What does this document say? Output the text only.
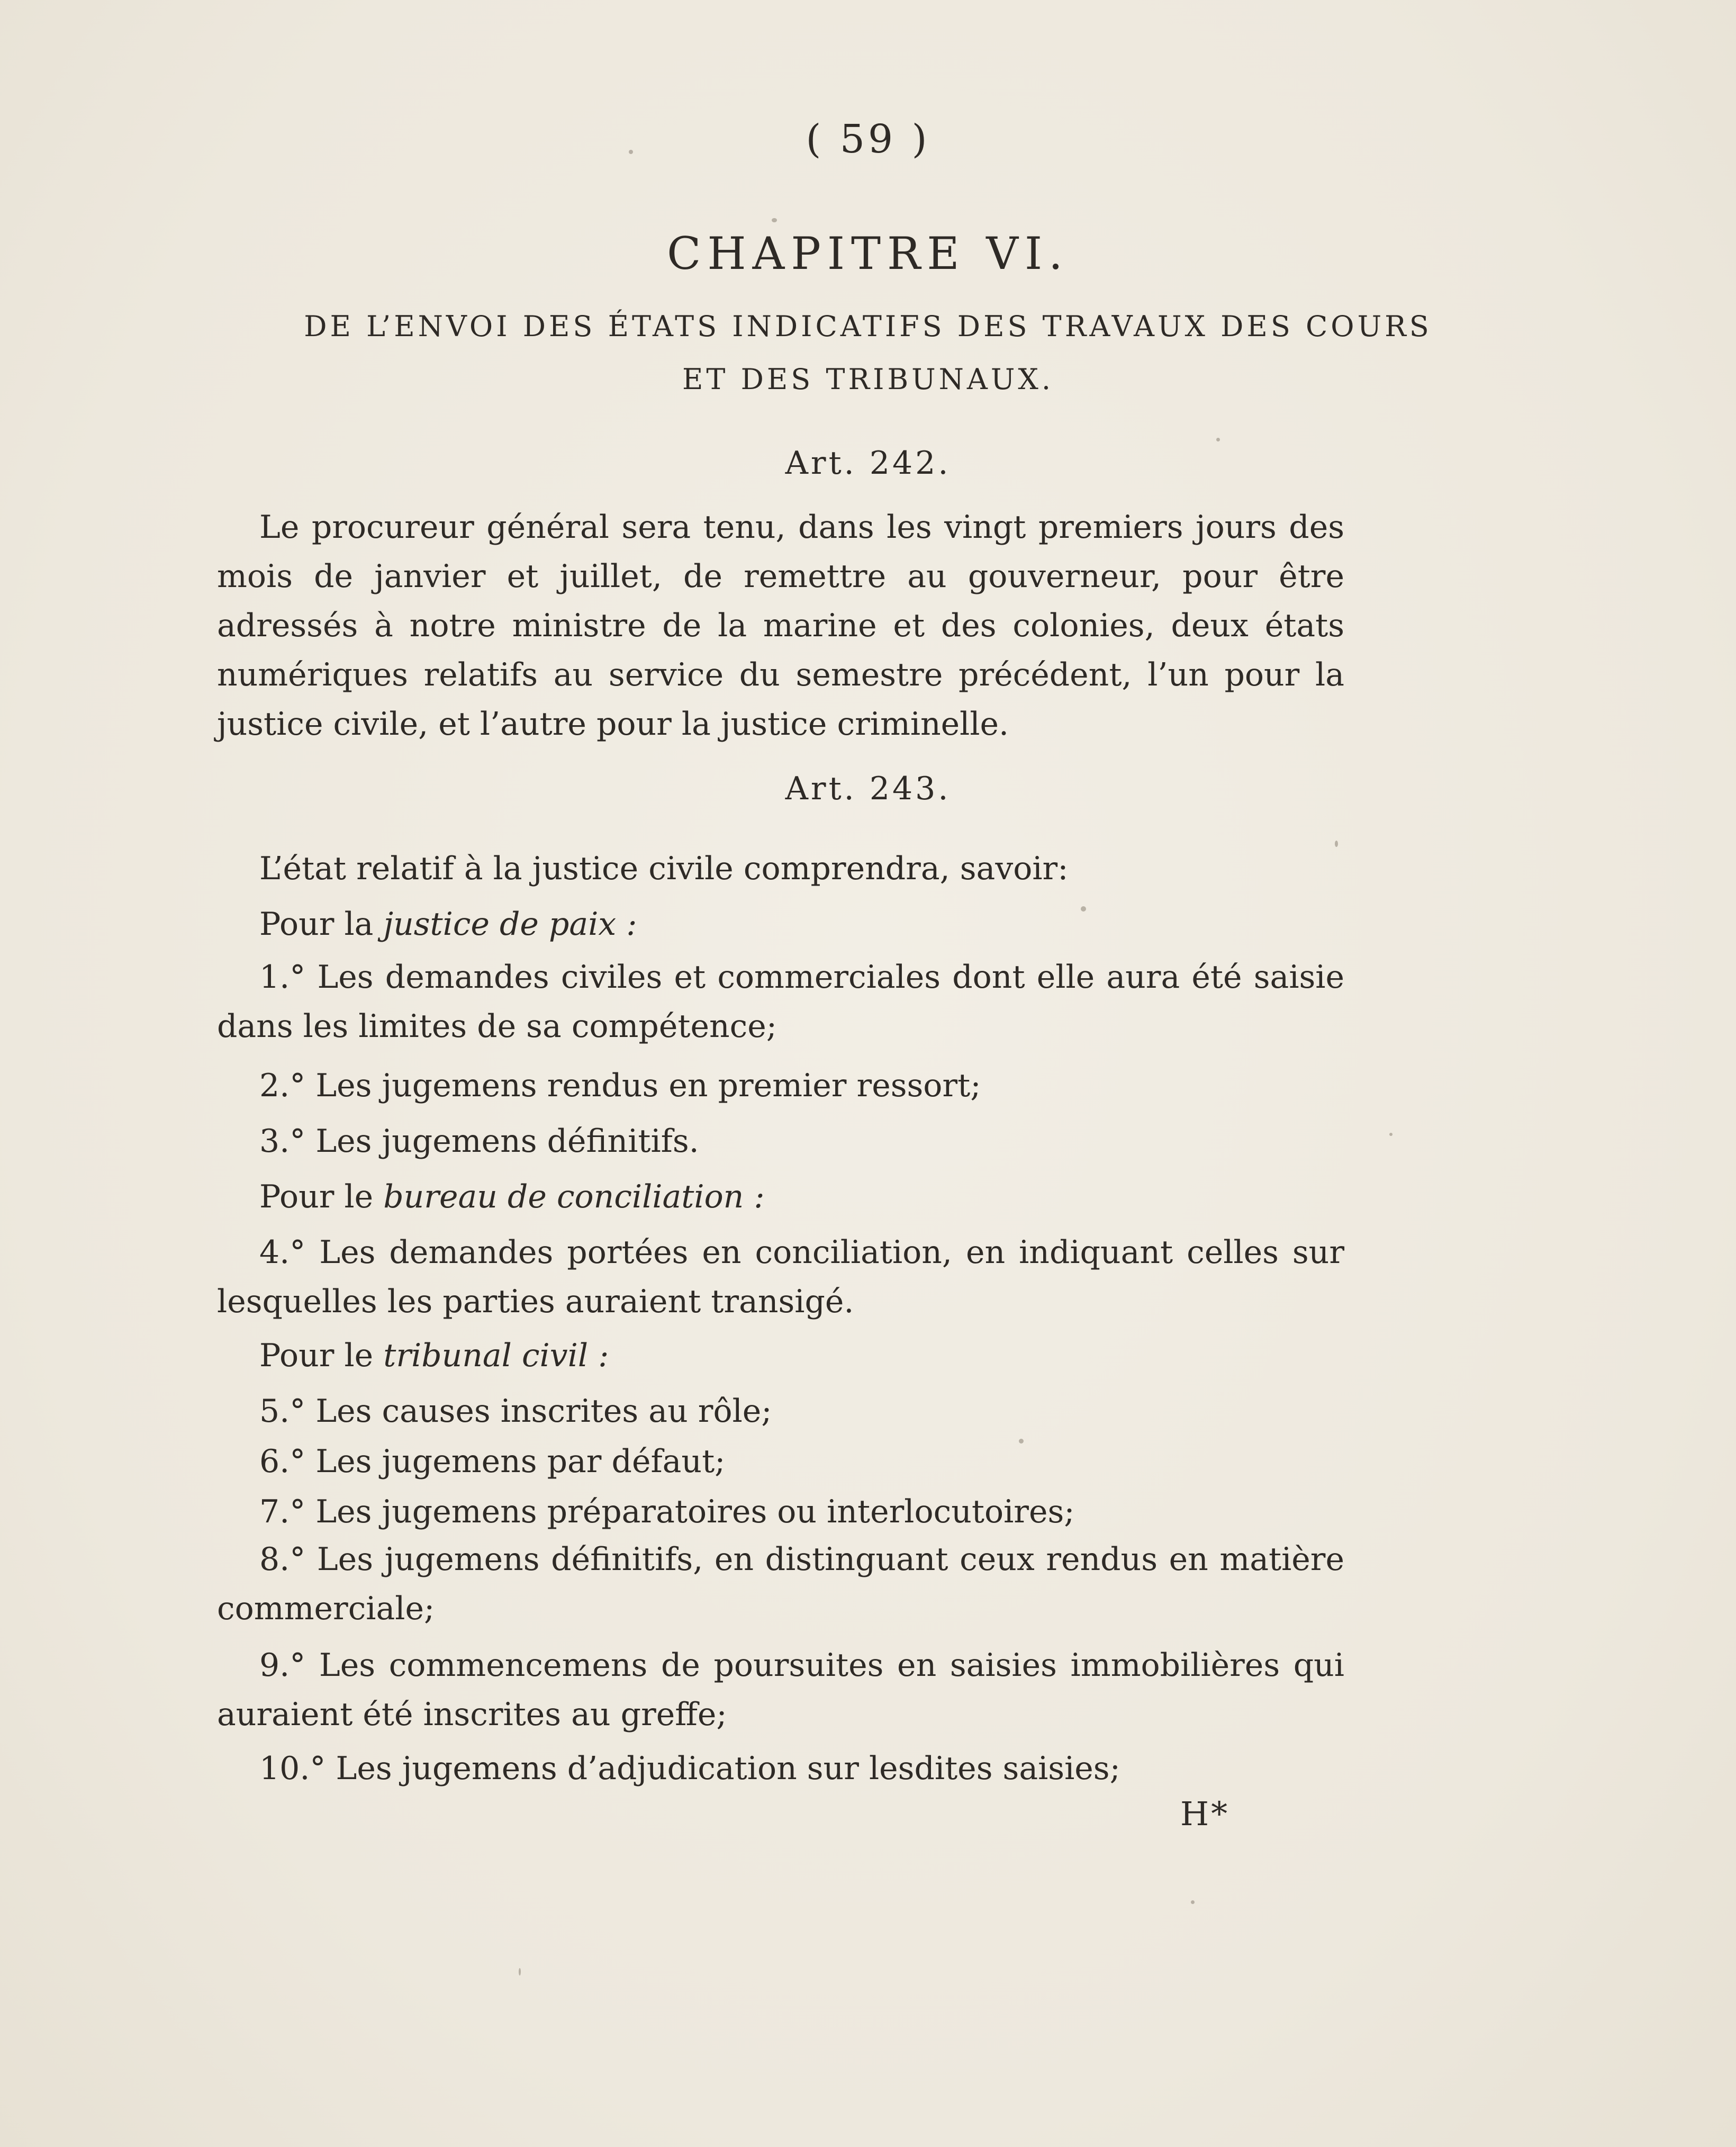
( 59 )
CHAPITRE VI.
DE L’ENVOI DES ÉTATS INDICATIFS DES TRAVAUX DES COURS
ET DES TRIBUNAUX.
Art. 242.

Le procureur général sera tenu, dans les vingt premiers jours des mois de janvier et juillet, de remettre au gouverneur, pour être adressés à notre ministre de la marine et des colonies, deux états numériques relatifs au service du semestre précédent, l’un pour la justice civile, et l’autre pour la justice criminelle.

Art. 243.

L’état relatif à la justice civile comprendra, savoir:

Pour la justice de paix :

1.° Les demandes civiles et commerciales dont elle aura été saisie dans les limites de sa compétence;

2.° Les jugemens rendus en premier ressort;

3.° Les jugemens définitifs.

Pour le bureau de conciliation :

4.° Les demandes portées en conciliation, en indiquant celles sur lesquelles les parties auraient transigé.

Pour le tribunal civil :

5.° Les causes inscrites au rôle;

6.° Les jugemens par défaut;

7.° Les jugemens préparatoires ou interlocutoires;

8.° Les jugemens définitifs, en distinguant ceux rendus en matière commerciale;

9.° Les commencemens de poursuites en saisies immobilières qui auraient été inscrites au greffe;

10.° Les jugemens d’adjudication sur lesdites saisies;

H*
